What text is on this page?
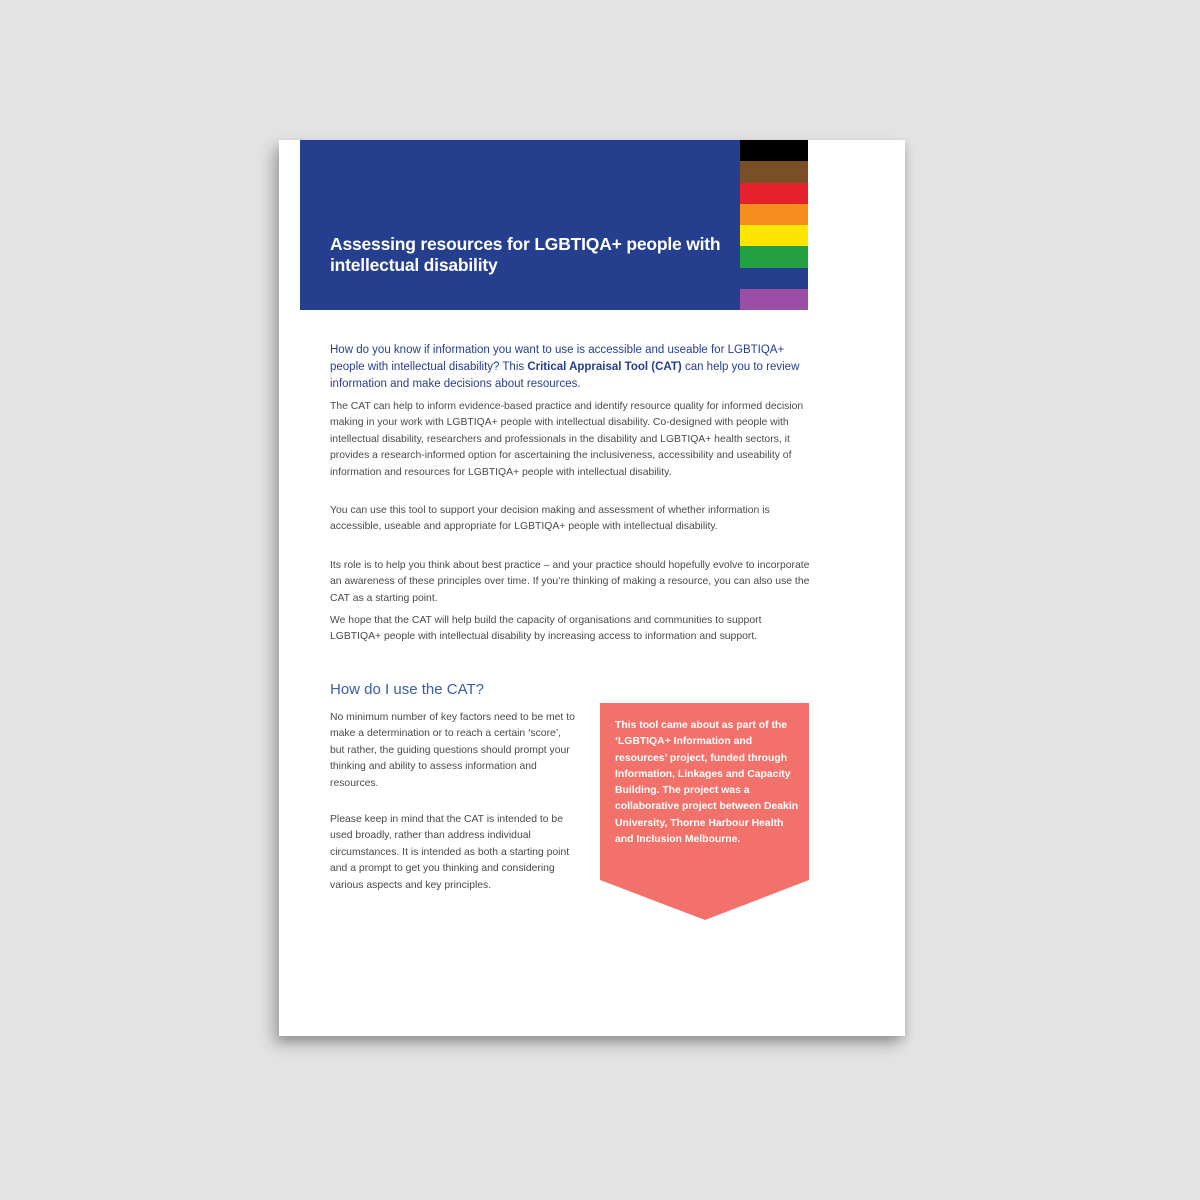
Assessing resources for LGBTIQA+ people with intellectual disability

How do you know if information you want to use is accessible and useable for LGBTIQA+ people with intellectual disability? This Critical Appraisal Tool (CAT) can help you to review information and make decisions about resources.

The CAT can help to inform evidence-based practice and identify resource quality for informed decision making in your work with LGBTIQA+ people with intellectual disability. Co-designed with people with intellectual disability, researchers and professionals in the disability and LGBTIQA+ health sectors, it provides a research-informed option for ascertaining the inclusiveness, accessibility and useability of information and resources for LGBTIQA+ people with intellectual disability.

You can use this tool to support your decision making and assessment of whether information is accessible, useable and appropriate for LGBTIQA+ people with intellectual disability.

Its role is to help you think about best practice – and your practice should hopefully evolve to incorporate an awareness of these principles over time. If you’re thinking of making a resource, you can also use the CAT as a starting point.

We hope that the CAT will help build the capacity of organisations and communities to support LGBTIQA+ people with intellectual disability by increasing access to information and support.

How do I use the CAT?

No minimum number of key factors need to be met to make a determination or to reach a certain ‘score’, but rather, the guiding questions should prompt your thinking and ability to assess information and resources.

Please keep in mind that the CAT is intended to be used broadly, rather than address individual circumstances. It is intended as both a starting point and a prompt to get you thinking and considering various aspects and key principles.

This tool came about as part of the ‘LGBTIQA+ Information and resources’ project, funded through Information, Linkages and Capacity Building. The project was a collaborative project between Deakin University, Thorne Harbour Health and Inclusion Melbourne.
